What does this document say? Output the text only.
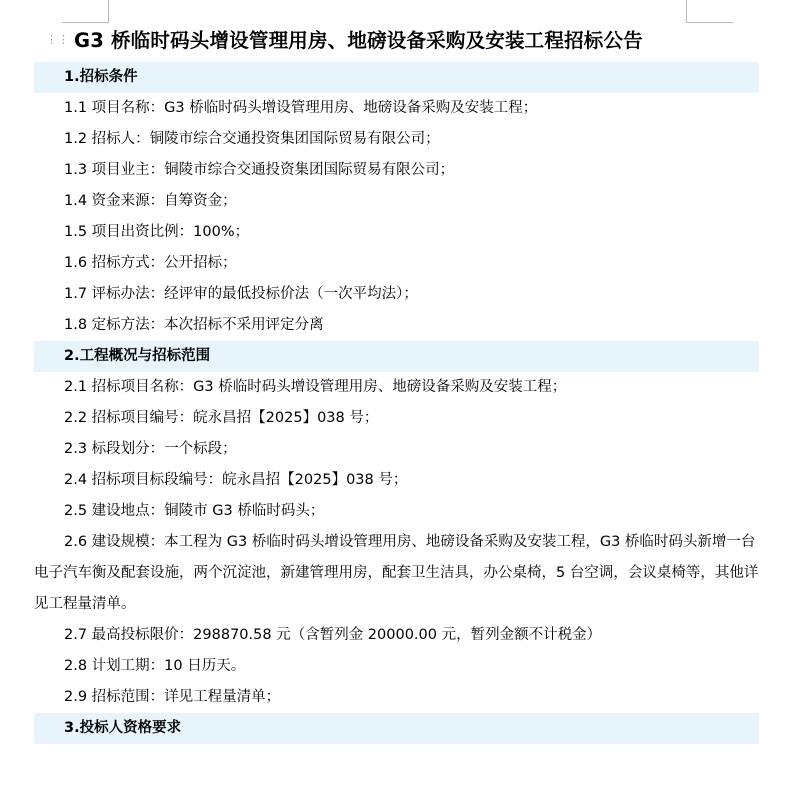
⋮⋮ G3 桥临时码头增设管理用房、地磅设备采购及安装工程招标公告
1.招标条件
1.1 项目名称：G3 桥临时码头增设管理用房、地磅设备采购及安装工程；
1.2 招标人：铜陵市综合交通投资集团国际贸易有限公司；
1.3 项目业主：铜陵市综合交通投资集团国际贸易有限公司；
1.4 资金来源：自筹资金；
1.5 项目出资比例：100%；
1.6 招标方式：公开招标；
1.7 评标办法：经评审的最低投标价法（一次平均法）；
1.8 定标方法：本次招标不采用评定分离
2.工程概况与招标范围
2.1 招标项目名称：G3 桥临时码头增设管理用房、地磅设备采购及安装工程；
2.2 招标项目编号：皖永昌招【2025】038 号；
2.3 标段划分：一个标段；
2.4 招标项目标段编号：皖永昌招【2025】038 号；
2.5 建设地点：铜陵市 G3 桥临时码头；
2.6 建设规模：本工程为 G3 桥临时码头增设管理用房、地磅设备采购及安装工程，G3 桥临时码头新增一台电子汽车衡及配套设施，两个沉淀池，新建管理用房，配套卫生洁具，办公桌椅，5 台空调，会议桌椅等，其他详见工程量清单。
2.7 最高投标限价：298870.58 元（含暂列金 20000.00 元，暂列金额不计税金）
2.8 计划工期：10 日历天。
2.9 招标范围：详见工程量清单；
3.投标人资格要求
